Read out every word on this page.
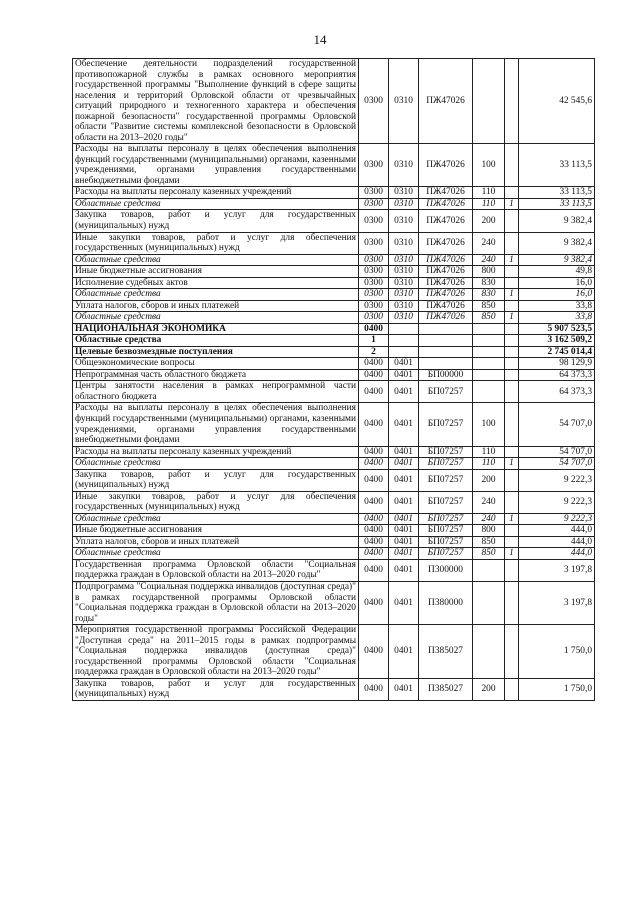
14
Обеспечение деятельности подразделений государственной противопожарной службы в рамках основного мероприятия государственной программы "Выполнение функций в сфере защиты населения и территорий Орловской области от чрезвычайных ситуаций природного и техногенного характера и обеспечения пожарной безопасности" государственной программы Орловской области "Развитие системы комплексной безопасности в Орловской области на 2013–2020 годы"	0300	0310	ПЖ47026			42 545,6
Расходы на выплаты персоналу в целях обеспечения выполнения функций государственными (муниципальными) органами, казенными учреждениями, органами управления государственными внебюджетными фондами	0300	0310	ПЖ47026	100		33 113,5
Расходы на выплаты персоналу казенных учреждений	0300	0310	ПЖ47026	110		33 113,5
Областные средства	0300	0310	ПЖ47026	110	1	33 113,5
Закупка товаров, работ и услуг для государственных (муниципальных) нужд	0300	0310	ПЖ47026	200		9 382,4
Иные закупки товаров, работ и услуг для обеспечения государственных (муниципальных) нужд	0300	0310	ПЖ47026	240		9 382,4
Областные средства	0300	0310	ПЖ47026	240	1	9 382,4
Иные бюджетные ассигнования	0300	0310	ПЖ47026	800		49,8
Исполнение судебных актов	0300	0310	ПЖ47026	830		16,0
Областные средства	0300	0310	ПЖ47026	830	1	16,0
Уплата налогов, сборов и иных платежей	0300	0310	ПЖ47026	850		33,8
Областные средства	0300	0310	ПЖ47026	850	1	33,8
НАЦИОНАЛЬНАЯ ЭКОНОМИКА	0400					5 907 523,5
Областные средства	1					3 162 509,2
Целевые безвозмездные поступления	2					2 745 014,4
Общеэкономические вопросы	0400	0401				98 129,9
Непрограммная часть областного бюджета	0400	0401	БП00000			64 373,3
Центры занятости населения в рамках непрограммной части областного бюджета	0400	0401	БП07257			64 373,3
Расходы на выплаты персоналу в целях обеспечения выполнения функций государственными (муниципальными) органами, казенными учреждениями, органами управления государственными внебюджетными фондами	0400	0401	БП07257	100		54 707,0
Расходы на выплаты персоналу казенных учреждений	0400	0401	БП07257	110		54 707,0
Областные средства	0400	0401	БП07257	110	1	54 707,0
Закупка товаров, работ и услуг для государственных (муниципальных) нужд	0400	0401	БП07257	200		9 222,3
Иные закупки товаров, работ и услуг для обеспечения государственных (муниципальных) нужд	0400	0401	БП07257	240		9 222,3
Областные средства	0400	0401	БП07257	240	1	9 222,3
Иные бюджетные ассигнования	0400	0401	БП07257	800		444,0
Уплата налогов, сборов и иных платежей	0400	0401	БП07257	850		444,0
Областные средства	0400	0401	БП07257	850	1	444,0
Государственная программа Орловской области "Социальная поддержка граждан в Орловской области на 2013–2020 годы"	0400	0401	П300000			3 197,8
Подпрограмма "Социальная поддержка инвалидов (доступная среда)" в рамках государственной программы Орловской области "Социальная поддержка граждан в Орловской области на 2013–2020 годы"	0400	0401	П380000			3 197,8
Мероприятия государственной программы Российской Федерации "Доступная среда" на 2011–2015 годы в рамках подпрограммы "Социальная поддержка инвалидов (доступная среда)" государственной программы Орловской области "Социальная поддержка граждан в Орловской области на 2013–2020 годы"	0400	0401	П385027			1 750,0
Закупка товаров, работ и услуг для государственных (муниципальных) нужд	0400	0401	П385027	200		1 750,0
